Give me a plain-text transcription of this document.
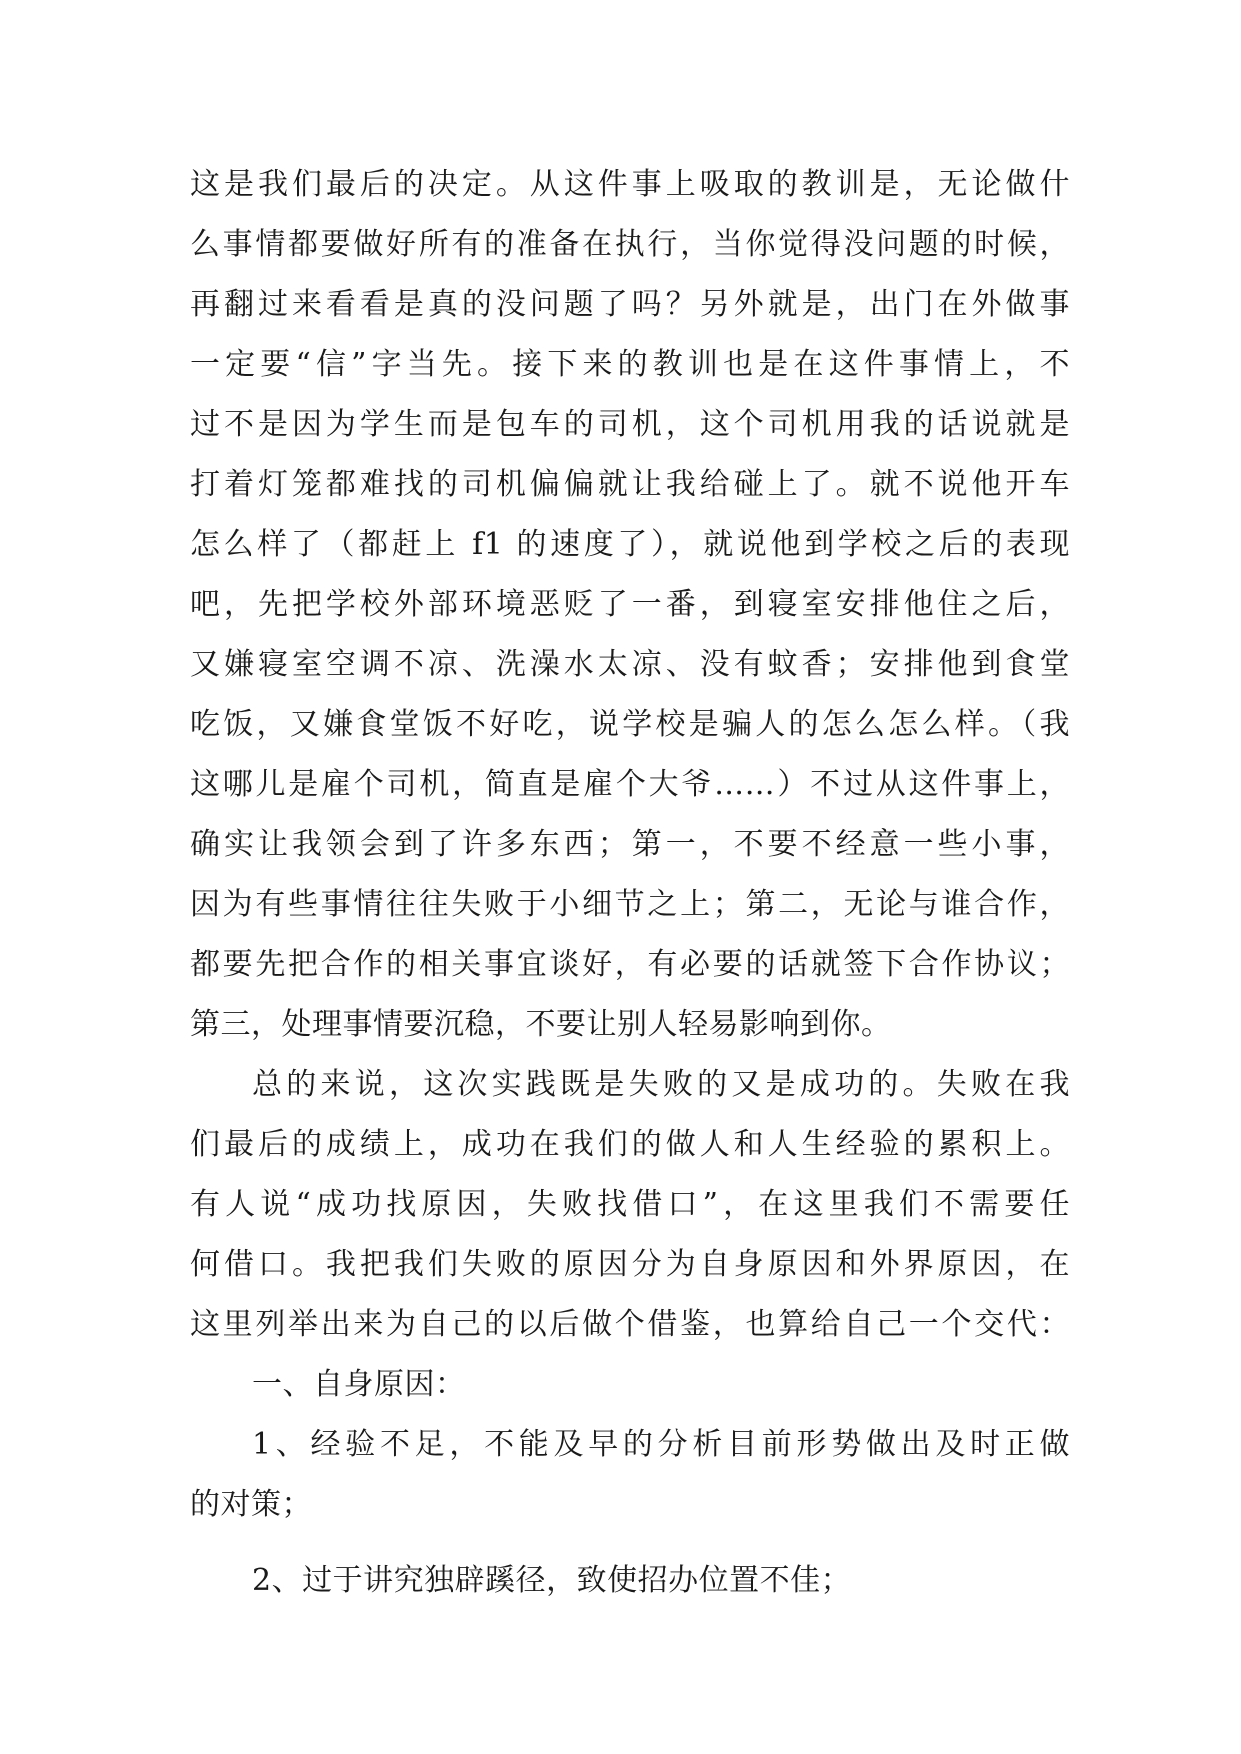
这是我们最后的决定。从这件事上吸取的教训是，无论做什
么事情都要做好所有的准备在执行，当你觉得没问题的时候，
再翻过来看看是真的没问题了吗？另外就是，出门在外做事
一定要“信”字当先。接下来的教训也是在这件事情上，不
过不是因为学生而是包车的司机，这个司机用我的话说就是
打着灯笼都难找的司机偏偏就让我给碰上了。就不说他开车
怎么样了（都赶上 f1 的速度了），就说他到学校之后的表现
吧，先把学校外部环境恶贬了一番，到寝室安排他住之后，
又嫌寝室空调不凉、洗澡水太凉、没有蚊香；安排他到食堂
吃饭，又嫌食堂饭不好吃，说学校是骗人的怎么怎么样。（我
这哪儿是雇个司机，简直是雇个大爷……）不过从这件事上，
确实让我领会到了许多东西；第一，不要不经意一些小事，
因为有些事情往往失败于小细节之上；第二，无论与谁合作，
都要先把合作的相关事宜谈好，有必要的话就签下合作协议；
第三，处理事情要沉稳，不要让别人轻易影响到你。
总的来说，这次实践既是失败的又是成功的。失败在我
们最后的成绩上，成功在我们的做人和人生经验的累积上。
有人说“成功找原因，失败找借口”，在这里我们不需要任
何借口。我把我们失败的原因分为自身原因和外界原因，在
这里列举出来为自己的以后做个借鉴，也算给自己一个交代：
一、自身原因：
1、经验不足，不能及早的分析目前形势做出及时正做
的对策；
2、过于讲究独辟蹊径，致使招办位置不佳；
